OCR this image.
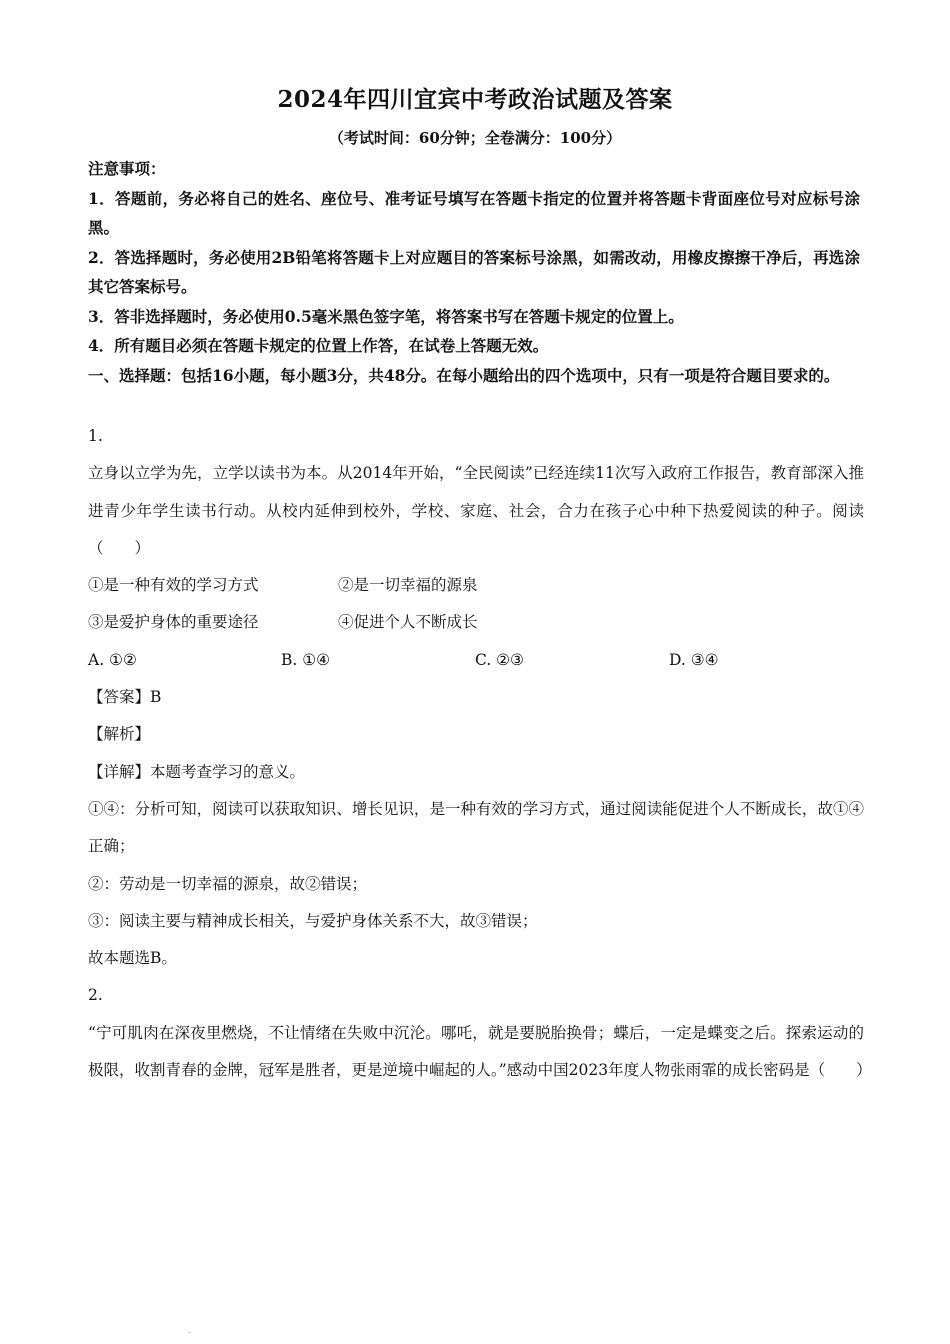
2024年四川宜宾中考政治试题及答案
（考试时间：60分钟；全卷满分：100分）
注意事项：
1．答题前，务必将自己的姓名、座位号、准考证号填写在答题卡指定的位置并将答题卡背面座位号对应标号涂黑。
2．答选择题时，务必使用2B铅笔将答题卡上对应题目的答案标号涂黑，如需改动，用橡皮擦擦干净后，再选涂其它答案标号。
3．答非选择题时，务必使用0.5毫米黑色签字笔，将答案书写在答题卡规定的位置上。
4．所有题目必须在答题卡规定的位置上作答，在试卷上答题无效。
一、选择题：包括16小题，每小题3分，共48分。在每小题给出的四个选项中，只有一项是符合题目要求的。
1.
立身以立学为先，立学以读书为本。从2014年开始，“全民阅读”已经连续11次写入政府工作报告，教育部深入推进青少年学生读书行动。从校内延伸到校外，学校、家庭、社会，合力在孩子心中种下热爱阅读的种子。阅读（　　）
①是一种有效的学习方式	②是一切幸福的源泉
③是爱护身体的重要途径	④促进个人不断成长
A. ①②	B. ①④	C. ②③	D. ③④
【答案】B
【解析】
【详解】本题考查学习的意义。
①④：分析可知，阅读可以获取知识、增长见识，是一种有效的学习方式，通过阅读能促进个人不断成长，故①④正确；
②：劳动是一切幸福的源泉，故②错误；
③：阅读主要与精神成长相关，与爱护身体关系不大，故③错误；
故本题选B。
2.
“宁可肌肉在深夜里燃烧，不让情绪在失败中沉沦。哪吒，就是要脱胎换骨；蝶后，一定是蝶变之后。探索运动的极限，收割青春的金牌，冠军是胜者，更是逆境中崛起的人。”感动中国2023年度人物张雨霏的成长密码是（　　）
